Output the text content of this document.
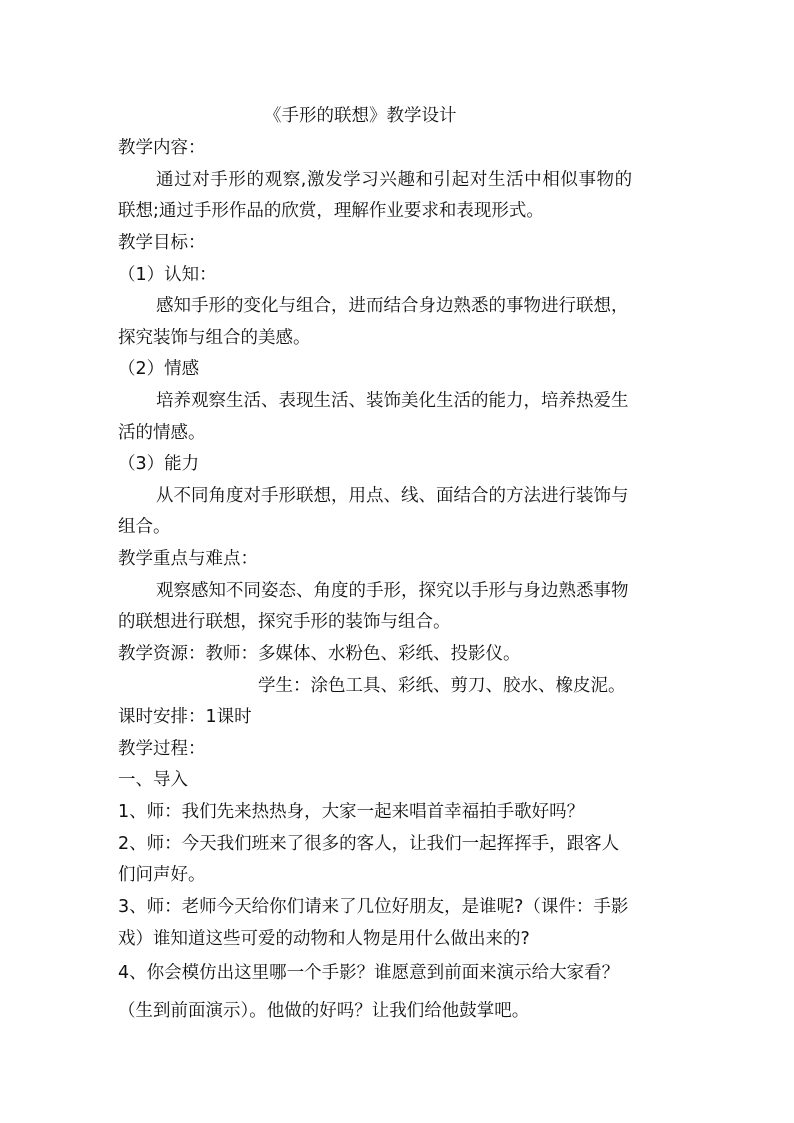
《手形的联想》教学设计
教学内容：
通过对手形的观察,激发学习兴趣和引起对生活中相似事物的
联想;通过手形作品的欣赏，理解作业要求和表现形式。
教学目标：
（1）认知：
感知手形的变化与组合，进而结合身边熟悉的事物进行联想，
探究装饰与组合的美感。
（2）情感
培养观察生活、表现生活、装饰美化生活的能力，培养热爱生
活的情感。
（3）能力
从不同角度对手形联想，用点、线、面结合的方法进行装饰与
组合。
教学重点与难点：
观察感知不同姿态、角度的手形，探究以手形与身边熟悉事物
的联想进行联想，探究手形的装饰与组合。
教学资源：教师：多媒体、水粉色、彩纸、投影仪。
学生：涂色工具、彩纸、剪刀、胶水、橡皮泥。
课时安排：1课时
教学过程：
一、导入
1、师：我们先来热热身，大家一起来唱首幸福拍手歌好吗？
2、师：今天我们班来了很多的客人，让我们一起挥挥手，跟客人
们问声好。
3、师：老师今天给你们请来了几位好朋友，是谁呢?（课件：手影
戏）谁知道这些可爱的动物和人物是用什么做出来的?
4、你会模仿出这里哪一个手影？谁愿意到前面来演示给大家看？
（生到前面演示）。他做的好吗？让我们给他鼓掌吧。
